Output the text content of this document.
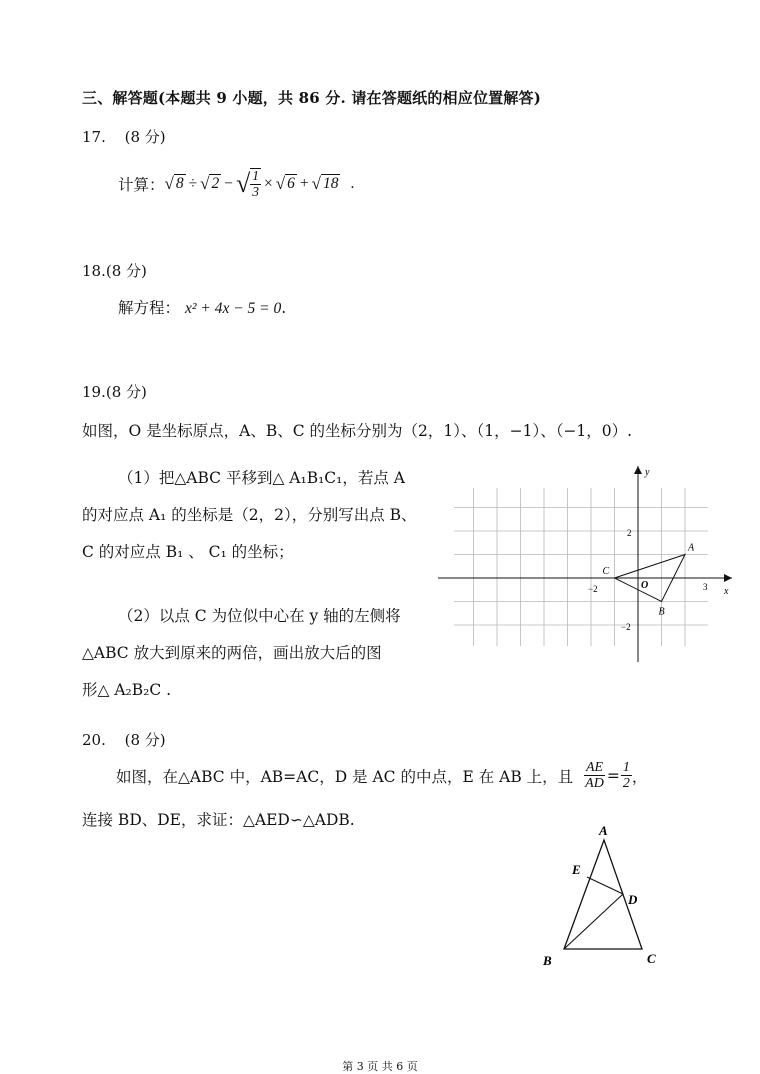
三、解答题(本题共 9 小题，共 86 分. 请在答题纸的相应位置解答)
17. (8 分)
计算： √ 8 ÷ √ 2 − √ $\frac{1}{3}$ × √ 6 + √ 18 .
18.(8 分)
解方程： x² + 4x − 5 = 0.
19.(8 分)
如图，O 是坐标原点，A、B、C 的坐标分别为（2，1）、（1，−1）、（−1，0）.
（1）把△ABC 平移到△ A₁B₁C₁，若点 A
的对应点 A₁ 的坐标是（2，2），分别写出点 B、
C 的对应点 B₁ 、 C₁ 的坐标；
（2）以点 C 为位似中心在 y 轴的左侧将
△ABC 放大到原来的两倍，画出放大后的图
形△ A₂B₂C .
x
y
O
−2	3
2
−2
A
B
C
20. (8 分)
如图，在△ABC 中，AB=AC，D 是 AC 的中点，E 在 AB 上，且 $\frac{AE}{AD} = \frac{1}{2}$ ，
连接 BD、DE，求证：△AED∽△ADB.
A
E
D
B	C
第 3 页 共 6 页
